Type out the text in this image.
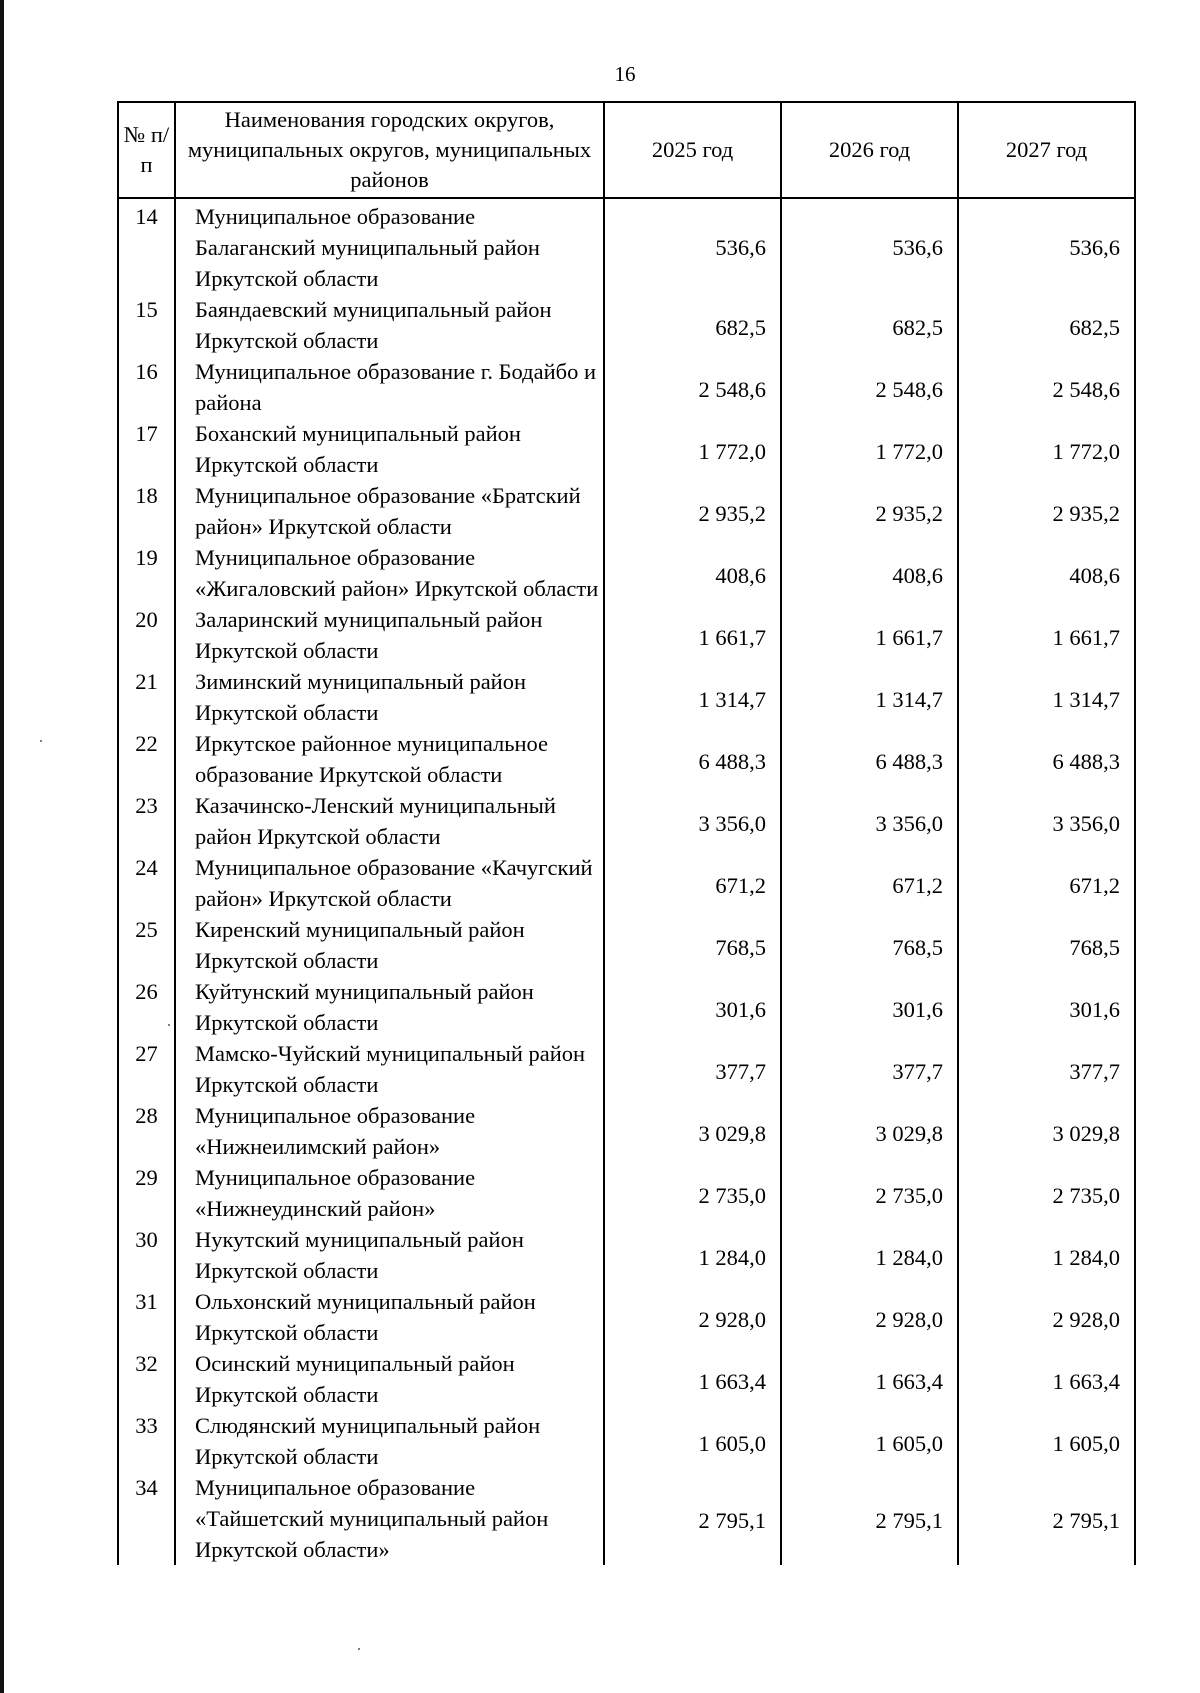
16
№ п/п	Наименования городских округов, муниципальных округов, муниципальных районов	2025 год	2026 год	2027 год
14	Муниципальное образование Балаганский муниципальный район Иркутской области	536,6	536,6	536,6
15	Баяндаевский муниципальный район Иркутской области	682,5	682,5	682,5
16	Муниципальное образование г. Бодайбо и района	2 548,6	2 548,6	2 548,6
17	Боханский муниципальный район Иркутской области	1 772,0	1 772,0	1 772,0
18	Муниципальное образование «Братский район» Иркутской области	2 935,2	2 935,2	2 935,2
19	Муниципальное образование «Жигаловский район» Иркутской области	408,6	408,6	408,6
20	Заларинский муниципальный район Иркутской области	1 661,7	1 661,7	1 661,7
21	Зиминский муниципальный район Иркутской области	1 314,7	1 314,7	1 314,7
22	Иркутское районное муниципальное образование Иркутской области	6 488,3	6 488,3	6 488,3
23	Казачинско-Ленский муниципальный район Иркутской области	3 356,0	3 356,0	3 356,0
24	Муниципальное образование «Качугский район» Иркутской области	671,2	671,2	671,2
25	Киренский муниципальный район Иркутской области	768,5	768,5	768,5
26	Куйтунский муниципальный район Иркутской области	301,6	301,6	301,6
27	Мамско-Чуйский муниципальный район Иркутской области	377,7	377,7	377,7
28	Муниципальное образование «Нижнеилимский район»	3 029,8	3 029,8	3 029,8
29	Муниципальное образование «Нижнеудинский район»	2 735,0	2 735,0	2 735,0
30	Нукутский муниципальный район Иркутской области	1 284,0	1 284,0	1 284,0
31	Ольхонский муниципальный район Иркутской области	2 928,0	2 928,0	2 928,0
32	Осинский муниципальный район Иркутской области	1 663,4	1 663,4	1 663,4
33	Слюдянский муниципальный район Иркутской области	1 605,0	1 605,0	1 605,0
34	Муниципальное образование «Тайшетский муниципальный район Иркутской области»	2 795,1	2 795,1	2 795,1
